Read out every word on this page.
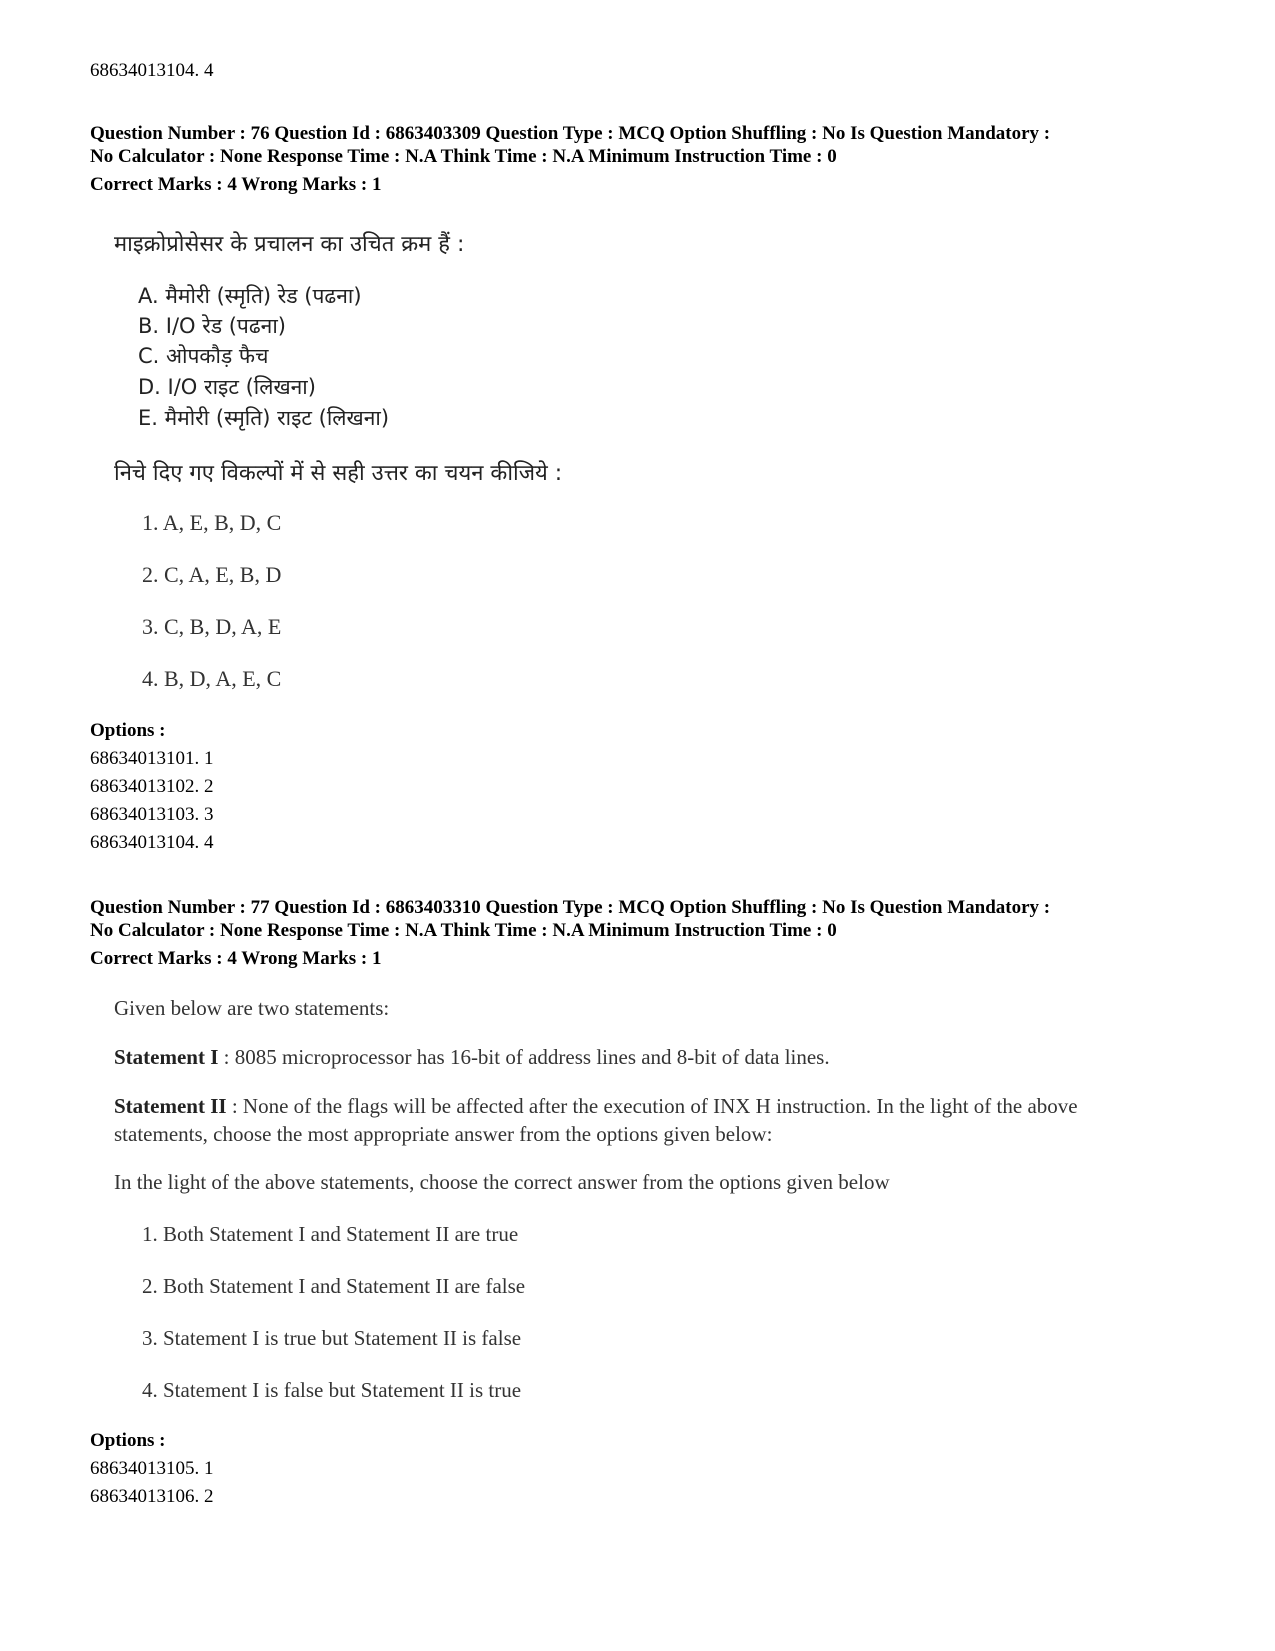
68634013104. 4
Question Number : 76 Question Id : 6863403309 Question Type : MCQ Option Shuffling : No Is Question Mandatory :
No Calculator : None Response Time : N.A Think Time : N.A Minimum Instruction Time : 0
Correct Marks : 4 Wrong Marks : 1
माइक्रोप्रोसेसर के प्रचालन का उचित क्रम हैं :
A. मैमोरी (स्मृति) रेड (पढना)
B. I/O रेड (पढना)
C. ओपकौड़ फैच
D. I/O राइट (लिखना)
E. मैमोरी (स्मृति) राइट (लिखना)
निचे दिए गए विकल्पों में से सही उत्तर का चयन कीजिये :
1. A, E, B, D, C
2. C, A, E, B, D
3. C, B, D, A, E
4. B, D, A, E, C
Options :
68634013101. 1
68634013102. 2
68634013103. 3
68634013104. 4
Question Number : 77 Question Id : 6863403310 Question Type : MCQ Option Shuffling : No Is Question Mandatory :
No Calculator : None Response Time : N.A Think Time : N.A Minimum Instruction Time : 0
Correct Marks : 4 Wrong Marks : 1
Given below are two statements:
Statement I : 8085 microprocessor has 16-bit of address lines and 8-bit of data lines.
Statement II : None of the flags will be affected after the execution of INX H instruction. In the light of the above statements, choose the most appropriate answer from the options given below:
In the light of the above statements, choose the correct answer from the options given below
1. Both Statement I and Statement II are true
2. Both Statement I and Statement II are false
3. Statement I is true but Statement II is false
4. Statement I is false but Statement II is true
Options :
68634013105. 1
68634013106. 2
